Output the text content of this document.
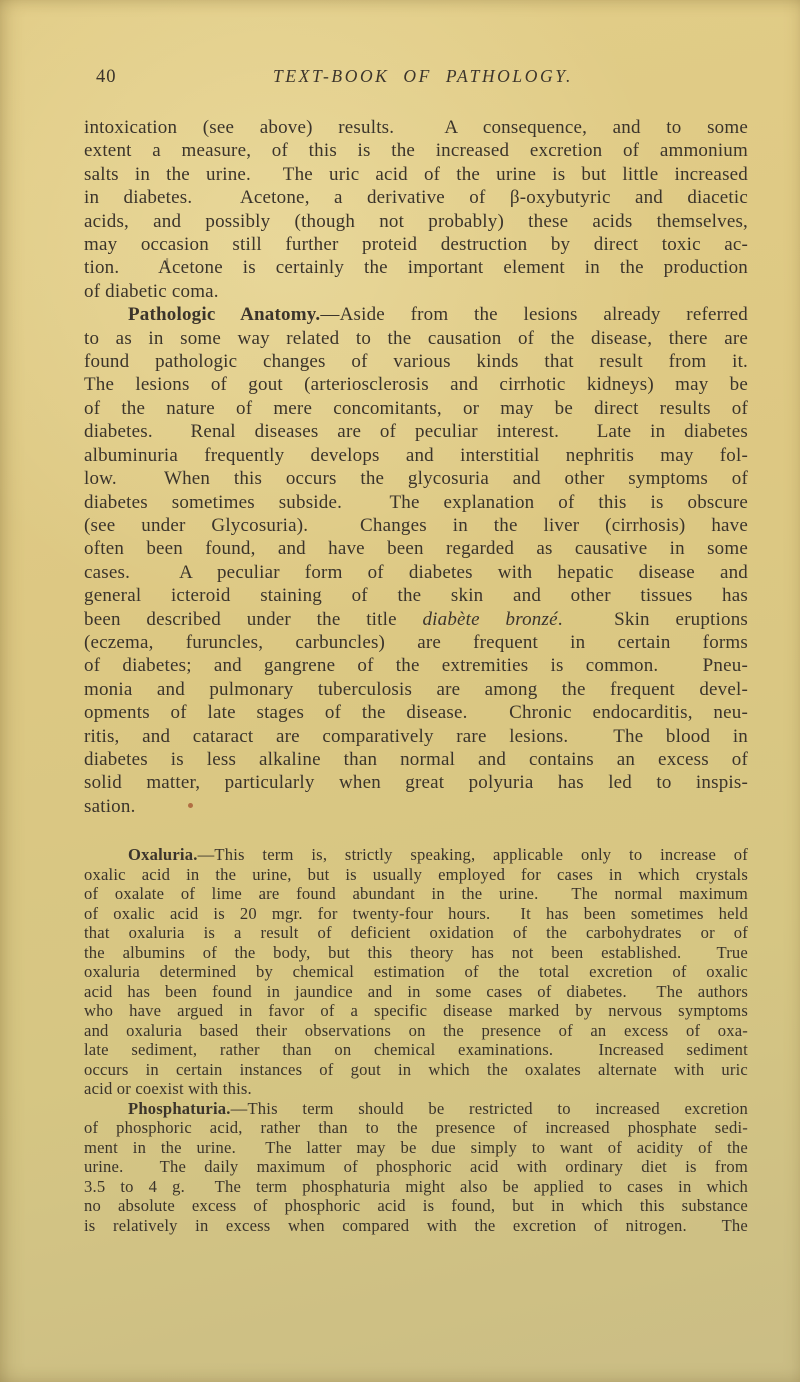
40	TEXT-BOOK OF PATHOLOGY.
intoxication (see above) results.  A consequence, and to some
extent a measure, of this is the increased excretion of ammonium
salts in the urine.  The uric acid of the urine is but little increased
in diabetes.  Acetone, a derivative of β-oxybutyric and diacetic
acids, and possibly (though not probably) these acids themselves,
may occasion still further proteid destruction by direct toxic ac-
tion.  Acetone is certainly the important element in the production
of diabetic coma.
Pathologic Anatomy.—Aside from the lesions already referred
to as in some way related to the causation of the disease, there are
found pathologic changes of various kinds that result from it.
The lesions of gout (arteriosclerosis and cirrhotic kidneys) may be
of the nature of mere concomitants, or may be direct results of
diabetes.  Renal diseases are of peculiar interest.  Late in diabetes
albuminuria frequently develops and interstitial nephritis may fol-
low.  When this occurs the glycosuria and other symptoms of
diabetes sometimes subside.  The explanation of this is obscure
(see under Glycosuria).  Changes in the liver (cirrhosis) have
often been found, and have been regarded as causative in some
cases.  A peculiar form of diabetes with hepatic disease and
general icteroid staining of the skin and other tissues has
been described under the title diabète bronzé.  Skin eruptions
(eczema, furuncles, carbuncles) are frequent in certain forms
of diabetes; and gangrene of the extremities is common.  Pneu-
monia and pulmonary tuberculosis are among the frequent devel-
opments of late stages of the disease.  Chronic endocarditis, neu-
ritis, and cataract are comparatively rare lesions.  The blood in
diabetes is less alkaline than normal and contains an excess of
solid matter, particularly when great polyuria has led to inspis-
sation.
Oxaluria.—This term is, strictly speaking, applicable only to increase of
oxalic acid in the urine, but is usually employed for cases in which crystals
of oxalate of lime are found abundant in the urine.  The normal maximum
of oxalic acid is 20 mgr. for twenty-four hours.  It has been sometimes held
that oxaluria is a result of deficient oxidation of the carbohydrates or of
the albumins of the body, but this theory has not been established.  True
oxaluria determined by chemical estimation of the total excretion of oxalic
acid has been found in jaundice and in some cases of diabetes.  The authors
who have argued in favor of a specific disease marked by nervous symptoms
and oxaluria based their observations on the presence of an excess of oxa-
late sediment, rather than on chemical examinations.  Increased sediment
occurs in certain instances of gout in which the oxalates alternate with uric
acid or coexist with this.
Phosphaturia.—This term should be restricted to increased excretion
of phosphoric acid, rather than to the presence of increased phosphate sedi-
ment in the urine.  The latter may be due simply to want of acidity of the
urine.  The daily maximum of phosphoric acid with ordinary diet is from
3.5 to 4 g.  The term phosphaturia might also be applied to cases in which
no absolute excess of phosphoric acid is found, but in which this substance
is relatively in excess when compared with the excretion of nitrogen.  The
